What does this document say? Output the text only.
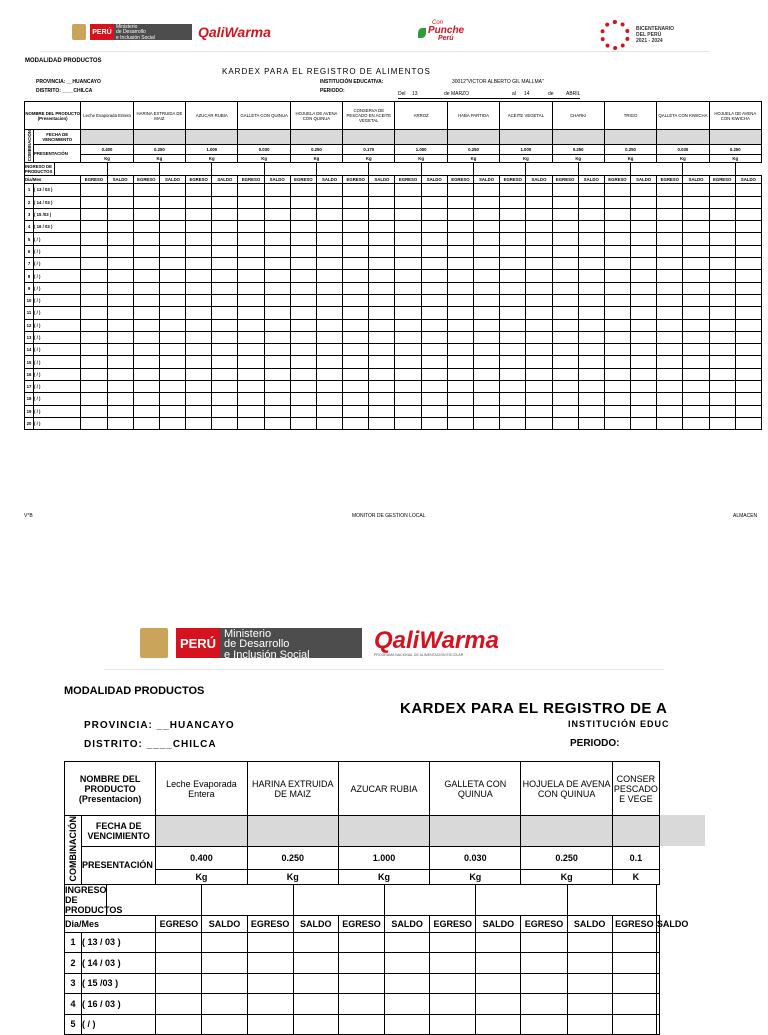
PERÚ
Ministerio
de Desarrollo
e Inclusión Social	QaliWarma
Con
Punche
Perú
BICENTENARIO
DEL PERÚ
2021 - 2024
MODALIDAD PRODUCTOS
KARDEX PARA EL REGISTRO DE ALIMENTOS
PROVINCIA: __HUANCAYO
DISTRITO: ____CHILCA
INSTITUCIÓN EDUCATIVA:	30012"VICTOR ALBERTO GIL MALLMA"
PERIODO:	Del 13	de MARZO	al 14	de ABRIL
NOMBRE DEL PRODUCTO (Presentacion)			Leche Evaporada Entera		HARINA EXTRUIDA DE MAIZ		AZUCAR RUBIA		GALLETA CON QUINUA		HOJUELA DE AVENA CON QUINUA		CONSERVA DE PESCADO EN ACEITE VEGETAL		ARROZ		HABA PARTIDA		ACEITE VEGETAL		CHARKI		TRIGO		QALLETA CON KIWICHA		HOJUELA DE AVENA CON KIWICHA	
COMBINACIÓN	FECHA DE VENCIMIENTO																											
	PRESENTACIÓN		0.400		0.250		1.000		0.030		0.250		0.170		1.000		0.250		1.000		0.250		0.250		0.030		0.250	
			Kg		Kg		Kg		Kg		Kg		Kg		Kg		Kg		Kg		Kg		Kg		Kg		Kg	
INGRESO DE PRODUCTOS																												
Dia/Mes			EGRESO	SALDO	EGRESO	SALDO	EGRESO	SALDO	EGRESO	SALDO	EGRESO	SALDO	EGRESO	SALDO	EGRESO	SALDO	EGRESO	SALDO	EGRESO	SALDO	EGRESO	SALDO	EGRESO	SALDO	EGRESO	SALDO	EGRESO	SALDO
1	( 13 / 03 )																											
2	( 14 / 03 )																											
3	( 15 /03 )																											
4	( 16 / 03 )																											
5	( / )																											
6	( / )																											
7	( / )																											
8	( / )																											
9	( / )																											
10	( / )																											
11	( / )																											
12	( / )																											
13	( / )																											
14	( / )																											
15	( / )																											
16	( / )																											
17	( / )																											
18	( / )																											
19	( / )																											
20	( / )																											
V°B	MONITOR DE GESTION LOCAL	ALMACEN
PERÚ
Ministerio
de Desarrollo
e Inclusión Social
QaliWarma
PROGRAMA NACIONAL DE ALIMENTACIÓN ESCOLAR
MODALIDAD PRODUCTOS
KARDEX PARA EL REGISTRO DE A
PROVINCIA: __HUANCAYO
DISTRITO: ____CHILCA
INSTITUCIÓN EDUC
PERIODO:
NOMBRE DEL PRODUCTO (Presentacion)			Leche Evaporada Entera		HARINA EXTRUIDA DE MAIZ		AZUCAR RUBIA		GALLETA CON QUINUA		HOJUELA DE AVENA CON QUINUA		CONSER PESCADO E VEGE	
COMBINACIÓN	FECHA DE VENCIMIENTO													
	PRESENTACIÓN		0.400		0.250		1.000		0.030		0.250		0.1	
			Kg		Kg		Kg		Kg		Kg		K	
INGRESO DE PRODUCTOS														
Dia/Mes			EGRESO	SALDO	EGRESO	SALDO	EGRESO	SALDO	EGRESO	SALDO	EGRESO	SALDO	EGRESO	SALDO
1	( 13 / 03 )													
2	( 14 / 03 )													
3	( 15 /03 )													
4	( 16 / 03 )													
5	( / )													
